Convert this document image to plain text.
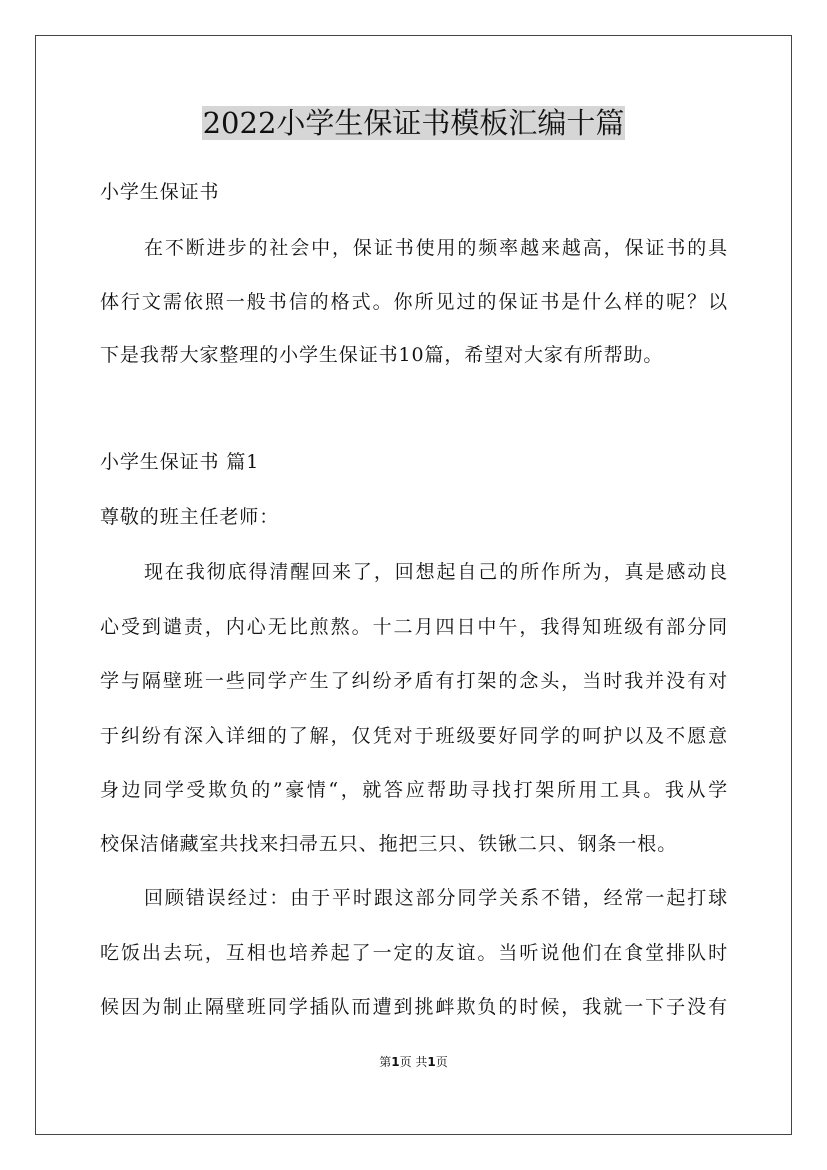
2022小学生保证书模板汇编十篇
小学生保证书
在不断进步的社会中，保证书使用的频率越来越高，保证书的具
体行文需依照一般书信的格式。你所见过的保证书是什么样的呢？以
下是我帮大家整理的小学生保证书10篇，希望对大家有所帮助。
小学生保证书 篇1
尊敬的班主任老师：
现在我彻底得清醒回来了，回想起自己的所作所为，真是感动良
心受到谴责，内心无比煎熬。十二月四日中午，我得知班级有部分同
学与隔壁班一些同学产生了纠纷矛盾有打架的念头，当时我并没有对
于纠纷有深入详细的了解，仅凭对于班级要好同学的呵护以及不愿意
身边同学受欺负的”豪情“，就答应帮助寻找打架所用工具。我从学
校保洁储藏室共找来扫帚五只、拖把三只、铁锹二只、钢条一根。
回顾错误经过：由于平时跟这部分同学关系不错，经常一起打球
吃饭出去玩，互相也培养起了一定的友谊。当听说他们在食堂排队时
候因为制止隔壁班同学插队而遭到挑衅欺负的时候，我就一下子没有
第1页 共1页
